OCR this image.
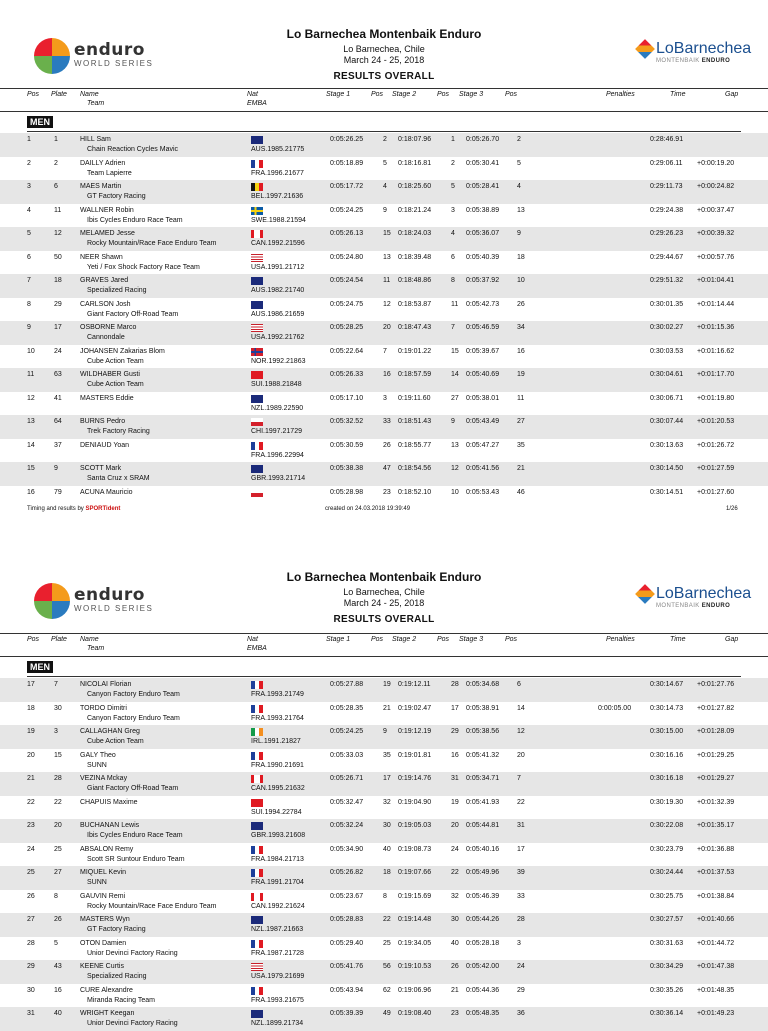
enduro
WORLD SERIES
Lo Barnechea Montenbaik Enduro
Lo Barnechea, Chile
March 24 - 25, 2018
RESULTS OVERALL
LoBarnechea
MONTENBAIK ENDURO
Pos Plate Name
Team
Nat
EMBA
Stage 1	Pos Stage 2	Pos Stage 3	Pos	Penalties	Time	Gap
MEN
1	1	HILL Sam
Chain Reaction Cycles Mavic	AUS.1985.21775
0:05:26.25	2 0:18:07.96	1 0:05:26.70	2	0:28:46.91
2	2	DAILLY Adrien
Team Lapierre	FRA.1996.21677
0:05:18.89	5 0:18:16.81	2 0:05:30.41	5	0:29:06.11 +0:00:19.20
3	6	MAES Martin
GT Factory Racing	BEL.1997.21636
0:05:17.72	4 0:18:25.60	5 0:05:28.41	4	0:29:11.73 +0:00:24.82
4	11	WALLNER Robin
Ibis Cycles Enduro Race Team	SWE.1988.21594
0:05:24.25	9 0:18:21.24	3 0:05:38.89	13	0:29:24.38 +0:00:37.47
5	12	MELAMED Jesse
Rocky Mountain/Race Face Enduro Team	CAN.1992.21596
0:05:26.13	15 0:18:24.03	4 0:05:36.07	9	0:29:26.23 +0:00:39.32
6	50	NEER Shawn
Yeti / Fox Shock Factory Race Team	USA.1991.21712
0:05:24.80	13 0:18:39.48	6 0:05:40.39	18	0:29:44.67 +0:00:57.76
7	18	GRAVES Jared
Specialized Racing	AUS.1982.21740
0:05:24.54	11 0:18:48.86	8 0:05:37.92	10	0:29:51.32 +0:01:04.41
8	29	CARLSON Josh
Giant Factory Off-Road Team	AUS.1986.21659
0:05:24.75	12 0:18:53.87	11 0:05:42.73	26	0:30:01.35 +0:01:14.44
9	17	OSBORNE Marco
Cannondale	USA.1992.21762
0:05:28.25	20 0:18:47.43	7 0:05:46.59	34	0:30:02.27 +0:01:15.36
10	24	JOHANSEN Zakarias Blom
Cube Action Team	NOR.1992.21863
0:05:22.64	7 0:19:01.22	15 0:05:39.67	16	0:30:03.53 +0:01:16.62
11	63	WILDHABER Gusti
Cube Action Team	SUI.1988.21848
0:05:26.33	16 0:18:57.59	14 0:05:40.69	19	0:30:04.61 +0:01:17.70
12	41	MASTERS Eddie
NZL.1989.22590
0:05:17.10	3 0:19:11.60	27 0:05:38.01	11	0:30:06.71 +0:01:19.80
13	64	BURNS Pedro
Trek Factory Racing	CHI.1997.21729
0:05:32.52	33 0:18:51.43	9 0:05:43.49	27	0:30:07.44 +0:01:20.53
14	37	DENIAUD Yoan
FRA.1996.22994
0:05:30.59	26 0:18:55.77	13 0:05:47.27	35	0:30:13.63 +0:01:26.72
15	9	SCOTT Mark
Santa Cruz x SRAM	GBR.1993.21714
0:05:38.38	47 0:18:54.56	12 0:05:41.56	21	0:30:14.50 +0:01:27.59
16	79	ACUNA Mauricio	0:05:28.98	23 0:18:52.10	10 0:05:53.43	46	0:30:14.51 +0:01:27.60
Timing and results by SPORTident	created on 24.03.2018 19:39:49	1/26
enduro
WORLD SERIES
Lo Barnechea Montenbaik Enduro
Lo Barnechea, Chile
March 24 - 25, 2018
RESULTS OVERALL
LoBarnechea
MONTENBAIK ENDURO
Pos Plate Name
Team
Nat
EMBA
Stage 1	Pos Stage 2	Pos Stage 3	Pos	Penalties	Time	Gap
MEN
17	7	NICOLAI Florian
Canyon Factory Enduro Team	FRA.1993.21749
0:05:27.88	19 0:19:12.11	28 0:05:34.68	6	0:30:14.67 +0:01:27.76
18	30	TORDO Dimitri
Canyon Factory Enduro Team	FRA.1993.21764
0:05:28.35	21 0:19:02.47	17 0:05:38.91	14	0:00:05.00	0:30:14.73 +0:01:27.82
19	3	CALLAGHAN Greg
Cube Action Team	IRL.1991.21827
0:05:24.25	9 0:19:12.19	29 0:05:38.56	12	0:30:15.00 +0:01:28.09
20	15	GALY Theo
SUNN	FRA.1990.21691
0:05:33.03	35 0:19:01.81	16 0:05:41.32	20	0:30:16.16 +0:01:29.25
21	28	VEZINA Mckay
Giant Factory Off-Road Team	CAN.1995.21632
0:05:26.71	17 0:19:14.76	31 0:05:34.71	7	0:30:16.18 +0:01:29.27
22	22	CHAPUIS Maxime
SUI.1994.22784
0:05:32.47	32 0:19:04.90	19 0:05:41.93	22	0:30:19.30 +0:01:32.39
23	20	BUCHANAN Lewis
Ibis Cycles Enduro Race Team	GBR.1993.21608
0:05:32.24	30 0:19:05.03	20 0:05:44.81	31	0:30:22.08 +0:01:35.17
24	25	ABSALON Remy
Scott SR Suntour Enduro Team	FRA.1984.21713
0:05:34.90	40 0:19:08.73	24 0:05:40.16	17	0:30:23.79 +0:01:36.88
25	27	MIQUEL Kevin
SUNN	FRA.1991.21704
0:05:26.82	18 0:19:07.66	22 0:05:49.96	39	0:30:24.44 +0:01:37.53
26	8	GAUVIN Remi
Rocky Mountain/Race Face Enduro Team	CAN.1992.21624
0:05:23.67	8 0:19:15.69	32 0:05:46.39	33	0:30:25.75 +0:01:38.84
27	26	MASTERS Wyn
GT Factory Racing	NZL.1987.21663
0:05:28.83	22 0:19:14.48	30 0:05:44.26	28	0:30:27.57 +0:01:40.66
28	5	OTON Damien
Unior Devinci Factory Racing	FRA.1987.21728
0:05:29.40	25 0:19:34.05	40 0:05:28.18	3	0:30:31.63 +0:01:44.72
29	43	KEENE Curtis
Specialized Racing	USA.1979.21699
0:05:41.76	56 0:19:10.53	26 0:05:42.00	24	0:30:34.29 +0:01:47.38
30	16	CURE Alexandre
Miranda Racing Team	FRA.1993.21675
0:05:43.94	62 0:19:06.96	21 0:05:44.36	29	0:30:35.26 +0:01:48.35
31	40	WRIGHT Keegan
Unior Devinci Factory Racing	NZL.1899.21734
0:05:39.39	49 0:19:08.40	23 0:05:48.35	36	0:30:36.14 +0:01:49.23
